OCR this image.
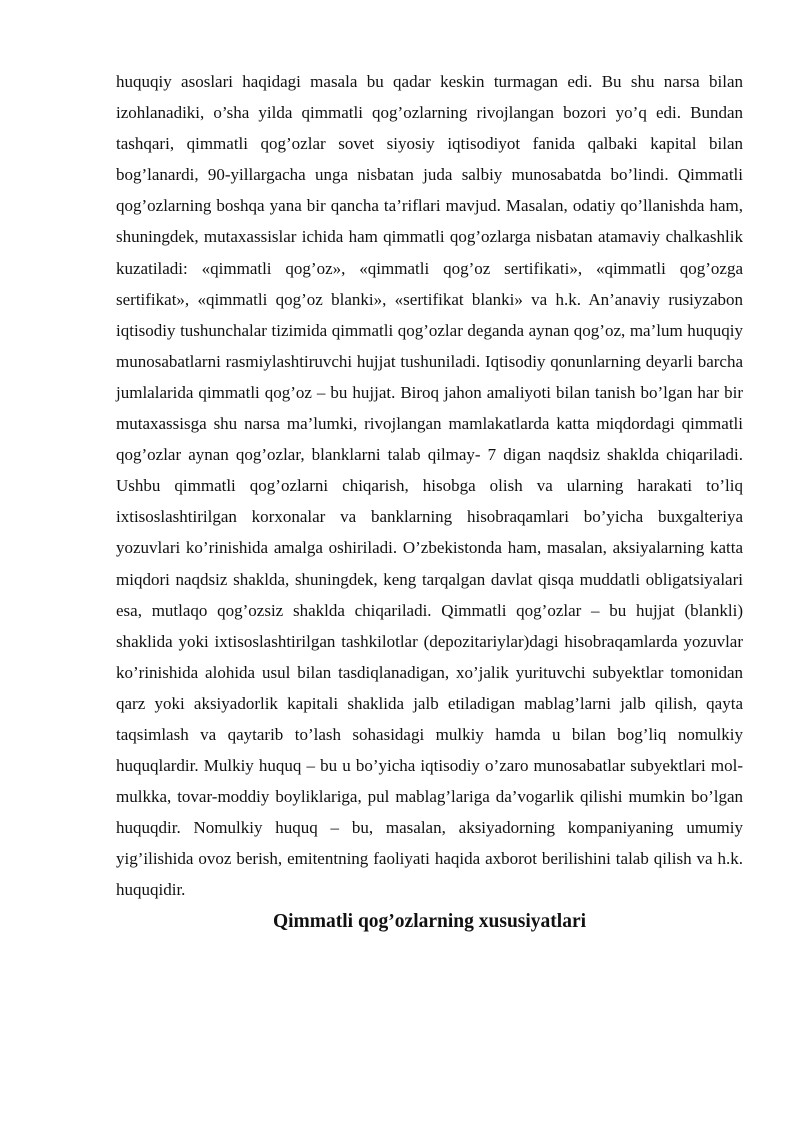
huquqiy asoslari haqidagi masala bu qadar keskin turmagan edi. Bu shu narsa bilan izohlanadiki, o’sha yilda qimmatli qog’ozlarning rivojlangan bozori yo’q edi. Bundan tashqari, qimmatli qog’ozlar sovet siyosiy iqtisodiyot fanida qalbaki kapital bilan bog’lanardi, 90-yillargacha unga nisbatan juda salbiy munosabatda bo’lindi. Qimmatli qog’ozlarning boshqa yana bir qancha ta’riflari mavjud. Masalan, odatiy qo’llanishda ham, shuningdek, mutaxassislar ichida ham qimmatli qog’ozlarga nisbatan atamaviy chalkashlik kuzatiladi: «qimmatli qog’oz», «qimmatli qog’oz sertifikati», «qimmatli qog’ozga sertifikat», «qimmatli qog’oz blanki», «sertifikat blanki» va h.k. An’anaviy rusiyzabon iqtisodiy tushunchalar tizimida qimmatli qog’ozlar deganda aynan qog’oz, ma’lum huquqiy munosabatlarni rasmiylashtiruvchi hujjat tushuniladi. Iqtisodiy qonunlarning deyarli barcha jumlalarida qimmatli qog’oz – bu hujjat. Biroq jahon amaliyoti bilan tanish bo’lgan har bir mutaxassisga shu narsa ma’lumki, rivojlangan mamlakatlarda katta miqdordagi qimmatli qog’ozlar aynan qog’ozlar, blanklarni talab qilmay- 7 digan naqdsiz shaklda chiqariladi. Ushbu qimmatli qog’ozlarni chiqarish, hisobga olish va ularning harakati to’liq ixtisoslashtirilgan korxonalar va banklarning hisobraqamlari bo’yicha buxgalteriya yozuvlari ko’rinishida amalga oshiriladi. O’zbekistonda ham, masalan, aksiyalarning katta miqdori naqdsiz shaklda, shuningdek, keng tarqalgan davlat qisqa muddatli obligatsiyalari esa, mutlaqo qog’ozsiz shaklda chiqariladi. Qimmatli qog’ozlar – bu hujjat (blankli) shaklida yoki ixtisoslashtirilgan tashkilotlar (depozitariylar)dagi hisobraqamlarda yozuvlar ko’rinishida alohida usul bilan tasdiqlanadigan, xo’jalik yurituvchi subyektlar tomonidan qarz yoki aksiyadorlik kapitali shaklida jalb etiladigan mablag’larni jalb qilish, qayta taqsimlash va qaytarib to’lash sohasidagi mulkiy hamda u bilan bog’liq nomulkiy huquqlardir. Mulkiy huquq – bu u bo’yicha iqtisodiy o’zaro munosabatlar subyektlari mol-mulkka, tovar-moddiy boyliklariga, pul mablag’lariga da’vogarlik qilishi mumkin bo’lgan huquqdir. Nomulkiy huquq – bu, masalan, aksiyadorning kompaniyaning umumiy yig’ilishida ovoz berish, emitentning faoliyati haqida axborot berilishini talab qilish va h.k. huquqidir.

Qimmatli qog’ozlarning xususiyatlari
